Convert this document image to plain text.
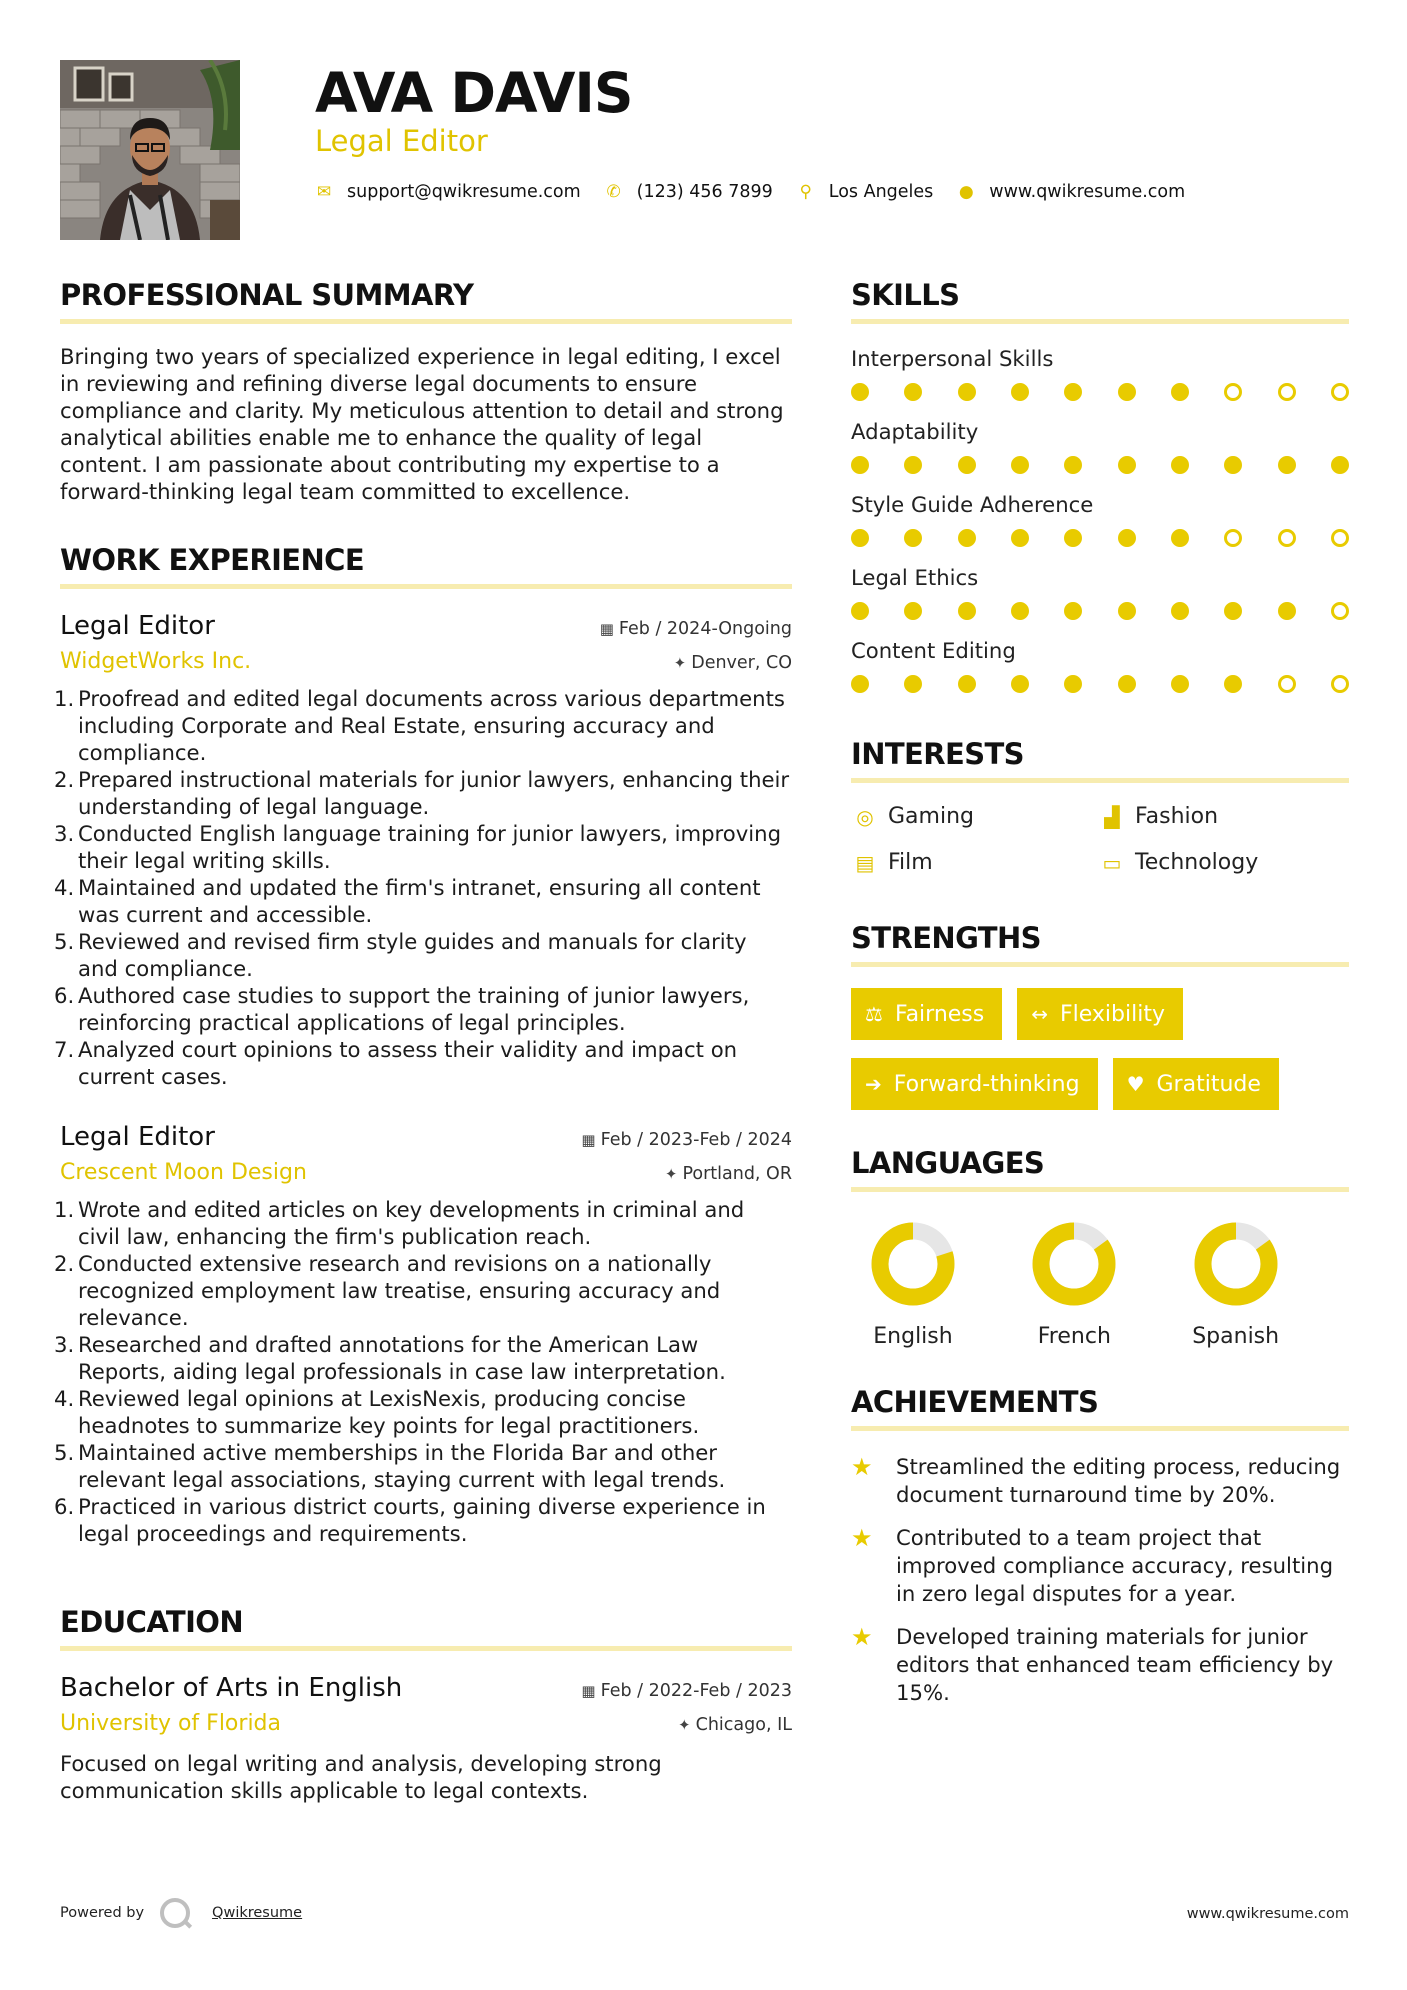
AVA DAVIS
Legal Editor
✉ support@qwikresume.com ✆ (123) 456 7899 ⚲ Los Angeles ● www.qwikresume.com
PROFESSIONAL SUMMARY

Bringing two years of specialized experience in legal editing, I excel in reviewing and refining diverse legal documents to ensure compliance and clarity. My meticulous attention to detail and strong analytical abilities enable me to enhance the quality of legal content. I am passionate about contributing my expertise to a forward-thinking legal team committed to excellence.

WORK EXPERIENCE
Legal Editor	▦ Feb / 2024-Ongoing
WidgetWorks Inc.	✦ Denver, CO
1. Proofread and edited legal documents across various departments including Corporate and Real Estate, ensuring accuracy and compliance.
2. Prepared instructional materials for junior lawyers, enhancing their understanding of legal language.
3. Conducted English language training for junior lawyers, improving their legal writing skills.
4. Maintained and updated the firm's intranet, ensuring all content was current and accessible.
5. Reviewed and revised firm style guides and manuals for clarity and compliance.
6. Authored case studies to support the training of junior lawyers, reinforcing practical applications of legal principles.
7. Analyzed court opinions to assess their validity and impact on current cases.
Legal Editor	▦ Feb / 2023-Feb / 2024
Crescent Moon Design	✦ Portland, OR
1. Wrote and edited articles on key developments in criminal and civil law, enhancing the firm's publication reach.
2. Conducted extensive research and revisions on a nationally recognized employment law treatise, ensuring accuracy and relevance.
3. Researched and drafted annotations for the American Law Reports, aiding legal professionals in case law interpretation.
4. Reviewed legal opinions at LexisNexis, producing concise headnotes to summarize key points for legal practitioners.
5. Maintained active memberships in the Florida Bar and other relevant legal associations, staying current with legal trends.
6. Practiced in various district courts, gaining diverse experience in legal proceedings and requirements.
EDUCATION
Bachelor of Arts in English	▦ Feb / 2022-Feb / 2023
University of Florida	✦ Chicago, IL

Focused on legal writing and analysis, developing strong communication skills applicable to legal contexts.

SKILLS
Interpersonal Skills
Adaptability
Style Guide Adherence
Legal Ethics
Content Editing
INTERESTS
◎ Gaming	▟ Fashion
▤ Film	▭ Technology
STRENGTHS
⚖ Fairness ↔ Flexibility
➔ Forward-thinking ♥ Gratitude
LANGUAGES
English	French	Spanish
ACHIEVEMENTS
★	Streamlined the editing process, reducing document turnaround time by 20%.
★	Contributed to a team project that improved compliance accuracy, resulting in zero legal disputes for a year.
★	Developed training materials for junior editors that enhanced team efficiency by 15%.
Powered by	Qwikresume	www.qwikresume.com
